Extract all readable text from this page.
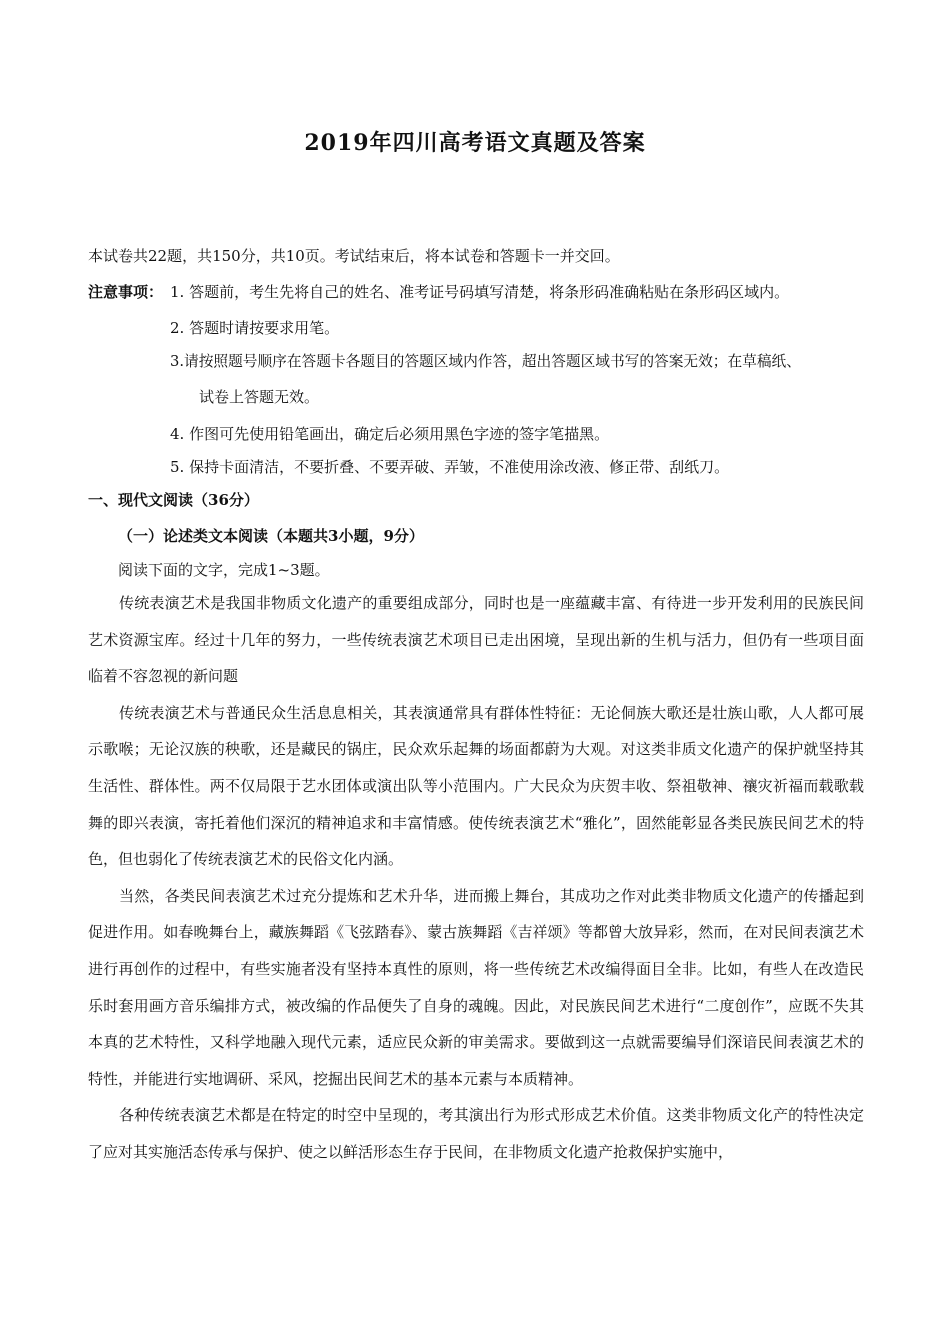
2019年四川高考语文真题及答案
本试卷共22题，共150分，共10页。考试结束后，将本试卷和答题卡一并交回。
注意事项： 1. 答题前，考生先将自己的姓名、准考证号码填写清楚，将条形码准确粘贴在条形码区域内。
2. 答题时请按要求用笔。
3.请按照题号顺序在答题卡各题目的答题区域内作答，超出答题区域书写的答案无效；在草稿纸、
试卷上答题无效。
4. 作图可先使用铅笔画出，确定后必须用黑色字迹的签字笔描黑。
5. 保持卡面清洁，不要折叠、不要弄破、弄皱，不准使用涂改液、修正带、刮纸刀。
一、现代文阅读（36分）
（一）论述类文本阅读（本题共3小题，9分）
阅读下面的文字，完成1~3题。

传统表演艺术是我国非物质文化遗产的重要组成部分，同时也是一座蕴藏丰富、有待进一步开发利用的民族民间艺术资源宝库。经过十几年的努力，一些传统表演艺术项目已走出困境，呈现出新的生机与活力，但仍有一些项目面临着不容忽视的新问题

传统表演艺术与普通民众生活息息相关，其表演通常具有群体性特征：无论侗族大歌还是壮族山歌，人人都可展示歌喉；无论汉族的秧歌，还是藏民的锅庄，民众欢乐起舞的场面都蔚为大观。对这类非质文化遗产的保护就坚持其生活性、群体性。两不仅局限于艺水团体或演出队等小范围内。广大民众为庆贺丰收、祭祖敬神、禳灾祈福而载歌载舞的即兴表演，寄托着他们深沉的精神追求和丰富情感。使传统表演艺术“雅化”，固然能彰显各类民族民间艺术的特色，但也弱化了传统表演艺术的民俗文化内涵。

当然，各类民间表演艺术过充分提炼和艺术升华，进而搬上舞台，其成功之作对此类非物质文化遗产的传播起到促进作用。如春晚舞台上，藏族舞蹈《飞弦踏春》、蒙古族舞蹈《吉祥颂》等都曾大放异彩，然而，在对民间表演艺术进行再创作的过程中，有些实施者没有坚持本真性的原则，将一些传统艺术改编得面目全非。比如，有些人在改造民乐时套用画方音乐编排方式，被改编的作品便失了自身的魂魄。因此，对民族民间艺术进行“二度创作”，应既不失其本真的艺术特性，又科学地融入现代元素，适应民众新的审美需求。要做到这一点就需要编导们深谙民间表演艺术的特性，并能进行实地调研、采风，挖掘出民间艺术的基本元素与本质精神。

各种传统表演艺术都是在特定的时空中呈现的，考其演出行为形式形成艺术价值。这类非物质文化产的特性决定了应对其实施活态传承与保护、使之以鲜活形态生存于民间，在非物质文化遗产抢救保护实施中，
